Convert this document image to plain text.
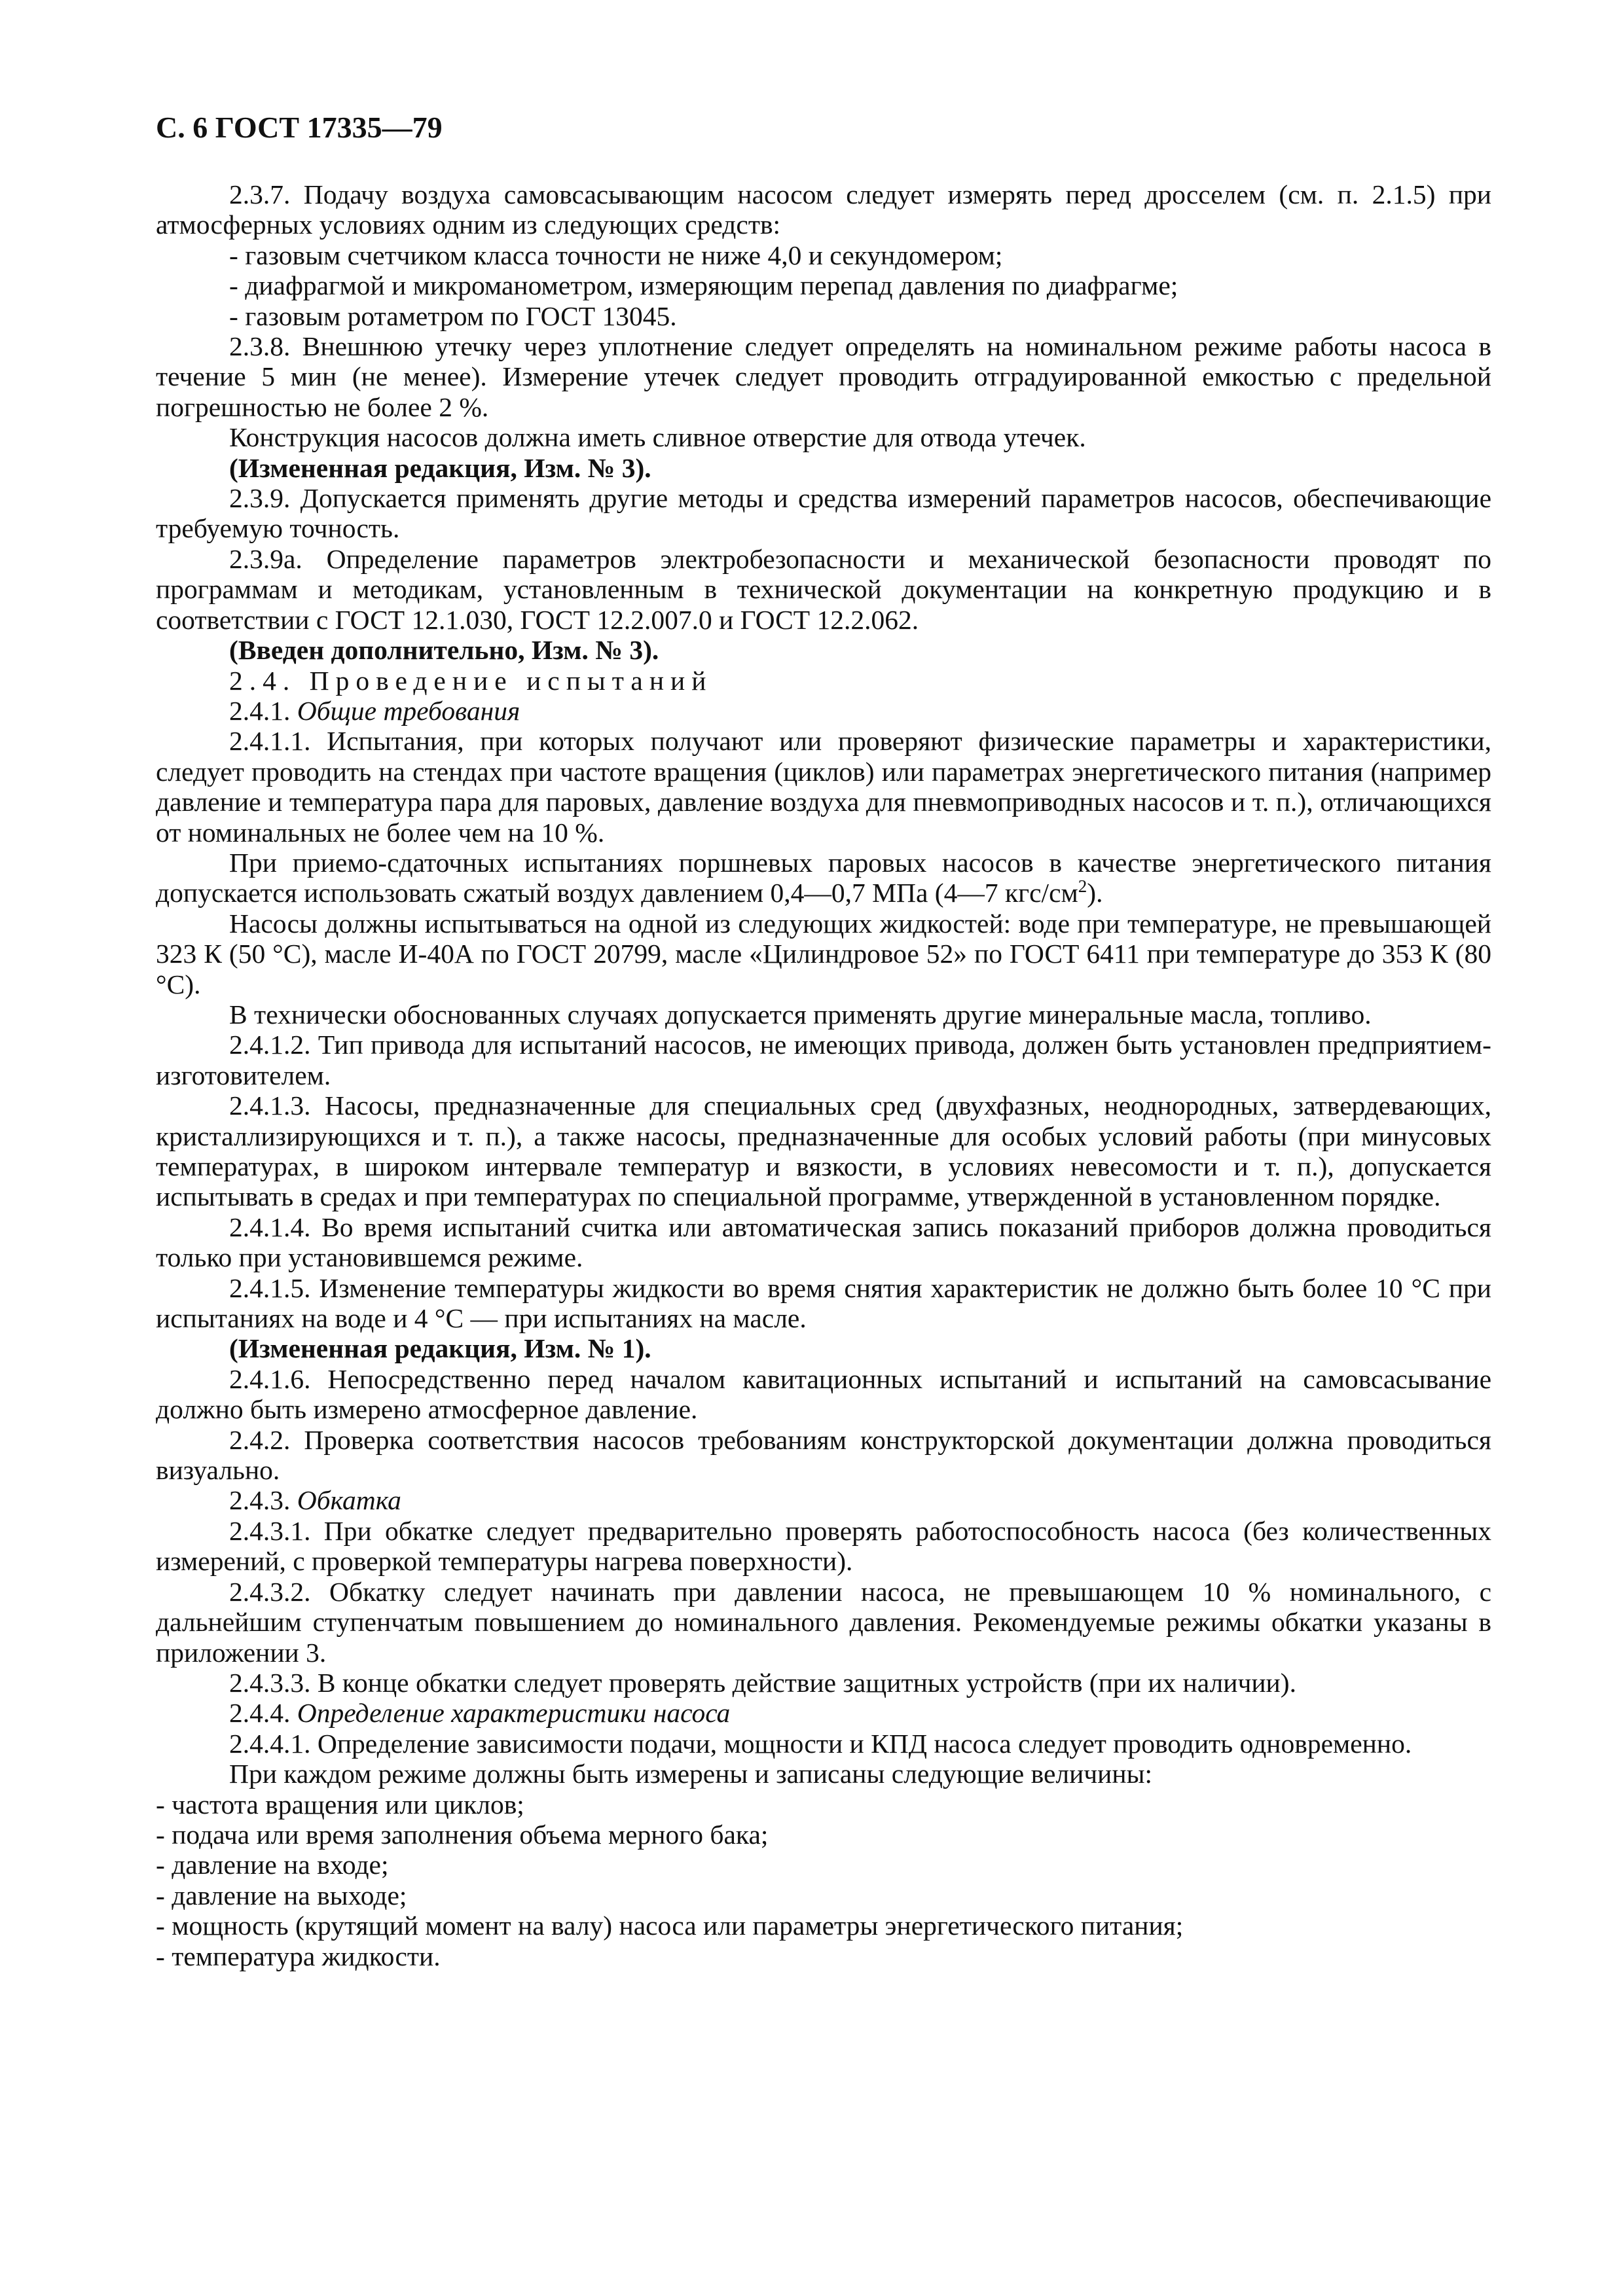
С. 6 ГОСТ 17335—79

2.3.7. Подачу воздуха самовсасывающим насосом следует измерять перед дросселем (см. п. 2.1.5) при атмосферных условиях одним из следующих средств:

- газовым счетчиком класса точности не ниже 4,0 и секундомером;

- диафрагмой и микроманометром, измеряющим перепад давления по диафрагме;

- газовым ротаметром по ГОСТ 13045.

2.3.8. Внешнюю утечку через уплотнение следует определять на номинальном режиме работы насоса в течение 5 мин (не менее). Измерение утечек следует проводить отградуированной емкостью с предельной погрешностью не более 2 %.

Конструкция насосов должна иметь сливное отверстие для отвода утечек.

(Измененная редакция, Изм. № 3).

2.3.9. Допускается применять другие методы и средства измерений параметров насосов, обеспечивающие требуемую точность.

2.3.9а. Определение параметров электробезопасности и механической безопасности проводят по программам и методикам, установленным в технической документации на конкретную продукцию и в соответствии с ГОСТ 12.1.030, ГОСТ 12.2.007.0 и ГОСТ 12.2.062.

(Введен дополнительно, Изм. № 3).

2.4. Проведение испытаний

2.4.1. Общие требования

2.4.1.1. Испытания, при которых получают или проверяют физические параметры и характеристики, следует проводить на стендах при частоте вращения (циклов) или параметрах энергетического питания (например давление и температура пара для паровых, давление воздуха для пневмоприводных насосов и т. п.), отличающихся от номинальных не более чем на 10 %.

При приемо-сдаточных испытаниях поршневых паровых насосов в качестве энергетического питания допускается использовать сжатый воздух давлением 0,4—0,7 МПа (4—7 кгс/$см^2$).

Насосы должны испытываться на одной из следующих жидкостей: воде при температуре, не превышающей 323 К (50 °С), масле И-40А по ГОСТ 20799, масле «Цилиндровое 52» по ГОСТ 6411 при температуре до 353 К (80 °С).

В технически обоснованных случаях допускается применять другие минеральные масла, топливо.

2.4.1.2. Тип привода для испытаний насосов, не имеющих привода, должен быть установлен предприятием-изготовителем.

2.4.1.3. Насосы, предназначенные для специальных сред (двухфазных, неоднородных, затвердевающих, кристаллизирующихся и т. п.), а также насосы, предназначенные для особых условий работы (при минусовых температурах, в широком интервале температур и вязкости, в условиях невесомости и т. п.), допускается испытывать в средах и при температурах по специальной программе, утвержденной в установленном порядке.

2.4.1.4. Во время испытаний считка или автоматическая запись показаний приборов должна проводиться только при установившемся режиме.

2.4.1.5. Изменение температуры жидкости во время снятия характеристик не должно быть более 10 °С при испытаниях на воде и 4 °С — при испытаниях на масле.

(Измененная редакция, Изм. № 1).

2.4.1.6. Непосредственно перед началом кавитационных испытаний и испытаний на самовсасывание должно быть измерено атмосферное давление.

2.4.2. Проверка соответствия насосов требованиям конструкторской документации должна проводиться визуально.

2.4.3. Обкатка

2.4.3.1. При обкатке следует предварительно проверять работоспособность насоса (без количественных измерений, с проверкой температуры нагрева поверхности).

2.4.3.2. Обкатку следует начинать при давлении насоса, не превышающем 10 % номинального, с дальнейшим ступенчатым повышением до номинального давления. Рекомендуемые режимы обкатки указаны в приложении 3.

2.4.3.3. В конце обкатки следует проверять действие защитных устройств (при их наличии).

2.4.4. Определение характеристики насоса

2.4.4.1. Определение зависимости подачи, мощности и КПД насоса следует проводить одновременно.

При каждом режиме должны быть измерены и записаны следующие величины:

- частота вращения или циклов;

- подача или время заполнения объема мерного бака;

- давление на входе;

- давление на выходе;

- мощность (крутящий момент на валу) насоса или параметры энергетического питания;

- температура жидкости.
